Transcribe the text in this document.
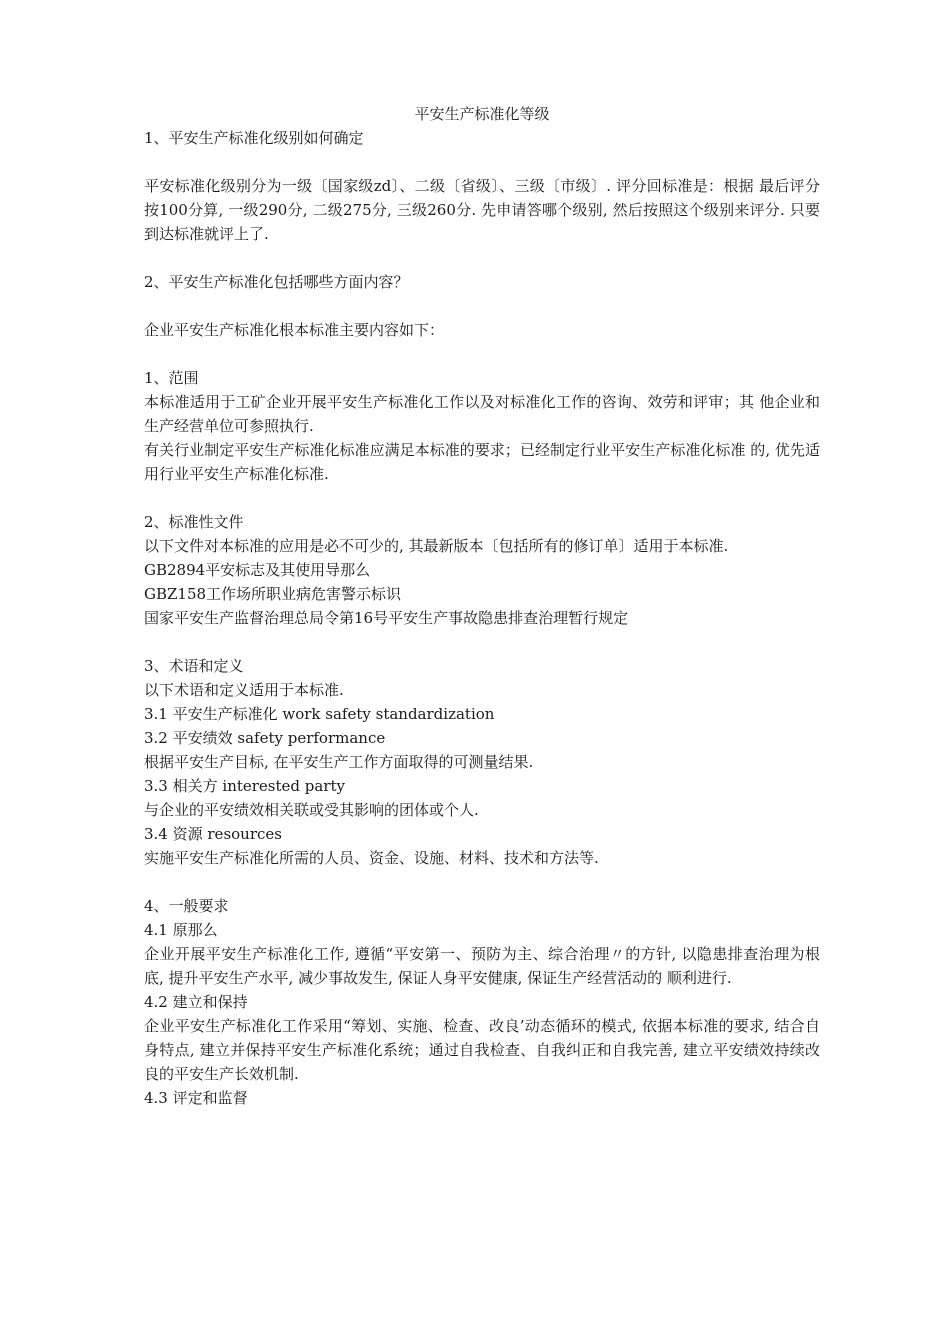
平安生产标准化等级

1、平安生产标准化级别如何确定

平安标准化级别分为一级〔国家级zd〕、二级〔省级〕、三级〔市级〕. 评分回标准是：根据 最后评分按100分算, 一级290分, 二级275分, 三级260分. 先申请答哪个级别, 然后按照这个级别来评分. 只要到达标准就评上了.

2、平安生产标准化包括哪些方面内容？

企业平安生产标准化根本标准主要内容如下：

1、范围

本标准适用于工矿企业开展平安生产标准化工作以及对标准化工作的咨询、效劳和评审；其 他企业和生产经营单位可参照执行.

有关行业制定平安生产标准化标准应满足本标准的要求；已经制定行业平安生产标准化标准 的, 优先适用行业平安生产标准化标准.

2、标准性文件

以下文件对本标准的应用是必不可少的, 其最新版本〔包括所有的修订单〕适用于本标准.

GB2894平安标志及其使用导那么

GBZ158工作场所职业病危害警示标识

国家平安生产监督治理总局令第16号平安生产事故隐患排查治理暂行规定

3、术语和定义

以下术语和定义适用于本标准.

3.1 平安生产标准化 work safety standardization

3.2 平安绩效 safety performance

根据平安生产目标, 在平安生产工作方面取得的可测量结果.

3.3 相关方 interested party

与企业的平安绩效相关联或受其影响的团体或个人.

3.4 资源 resources

实施平安生产标准化所需的人员、资金、设施、材料、技术和方法等.

4、一般要求

4.1 原那么

企业开展平安生产标准化工作, 遵循“平安第一、预防为主、综合治理〃的方针, 以隐患排查治理为根底, 提升平安生产水平, 减少事故发生, 保证人身平安健康, 保证生产经营活动的 顺利进行.

4.2 建立和保持

企业平安生产标准化工作采用“筹划、实施、检查、改良’动态循环的模式, 依据本标准的要求, 结合自身特点, 建立并保持平安生产标准化系统；通过自我检查、自我纠正和自我完善, 建立平安绩效持续改良的平安生产长效机制.

4.3 评定和监督
